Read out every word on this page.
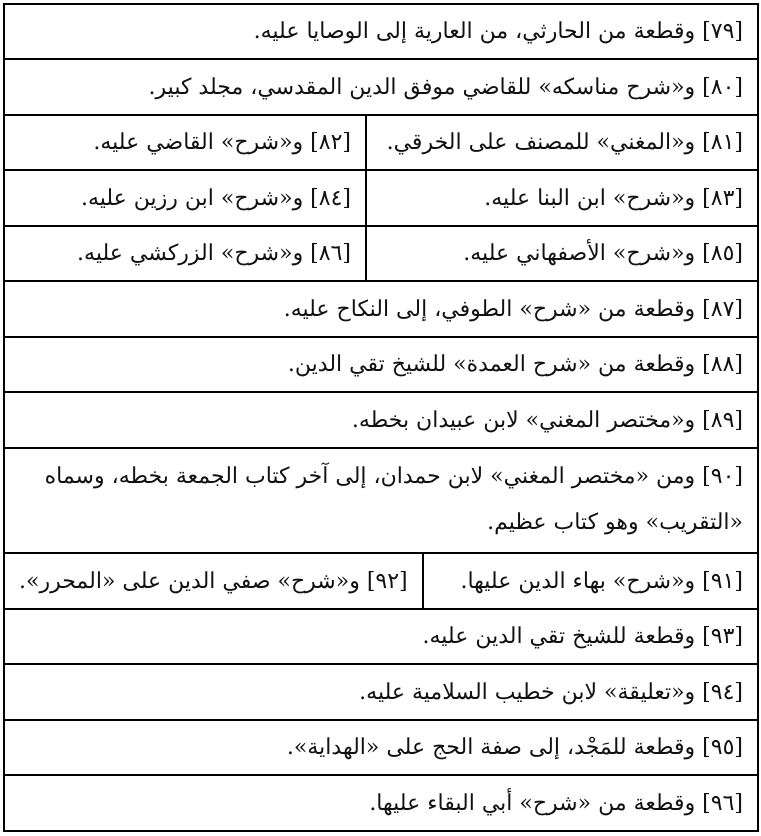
[٧٩] وقطعة من الحارثي، من العارية إلى الوصايا عليه.
[٨٠] و«شرح مناسكه» للقاضي موفق الدين المقدسي، مجلد كبير.
[٨١] و«المغني» للمصنف على الخرقي.
[٨٢] و«شرح» القاضي عليه.
[٨٣] و«شرح» ابن البنا عليه.
[٨٤] و«شرح» ابن رزين عليه.
[٨٥] و«شرح» الأصفهاني عليه.
[٨٦] و«شرح» الزركشي عليه.
[٨٧] وقطعة من «شرح» الطوفي، إلى النكاح عليه.
[٨٨] وقطعة من «شرح العمدة» للشيخ تقي الدين.
[٨٩] و«مختصر المغني» لابن عبيدان بخطه.
[٩٠] ومن «مختصر المغني» لابن حمدان، إلى آخر كتاب الجمعة بخطه، وسماه «التقريب» وهو كتاب عظيم.
[٩١] و«شرح» بهاء الدين عليها.
[٩٢] و«شرح» صفي الدين على «المحرر».
[٩٣] وقطعة للشيخ تقي الدين عليه.
[٩٤] و«تعليقة» لابن خطيب السلامية عليه.
[٩٥] وقطعة للمَجْد، إلى صفة الحج على «الهداية».
[٩٦] وقطعة من «شرح» أبي البقاء عليها.
